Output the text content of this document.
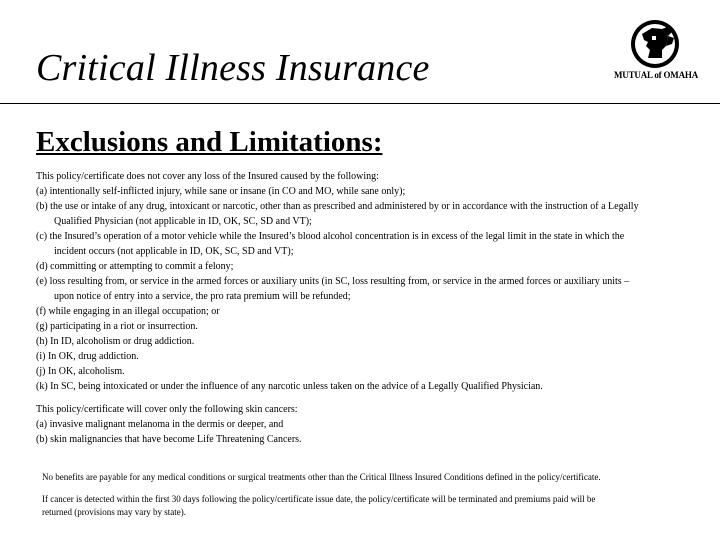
Critical Illness Insurance	MUTUAL of OMAHA
Exclusions and Limitations:
This policy/certificate does not cover any loss of the Insured caused by the following:
(a) intentionally self-inflicted injury, while sane or insane (in CO and MO, while sane only);
(b) the use or intake of any drug, intoxicant or narcotic, other than as prescribed and administered by or in accordance with the instruction of a Legally
Qualified Physician (not applicable in ID, OK, SC, SD and VT);
(c) the Insured’s operation of a motor vehicle while the Insured’s blood alcohol concentration is in excess of the legal limit in the state in which the
incident occurs (not applicable in ID, OK, SC, SD and VT);
(d) committing or attempting to commit a felony;
(e) loss resulting from, or service in the armed forces or auxiliary units (in SC, loss resulting from, or service in the armed forces or auxiliary units –
upon notice of entry into a service, the pro rata premium will be refunded;
(f) while engaging in an illegal occupation; or
(g) participating in a riot or insurrection.
(h) In ID, alcoholism or drug addiction.
(i) In OK, drug addiction.
(j) In OK, alcoholism.
(k) In SC, being intoxicated or under the influence of any narcotic unless taken on the advice of a Legally Qualified Physician.
This policy/certificate will cover only the following skin cancers:
(a) invasive malignant melanoma in the dermis or deeper, and
(b) skin malignancies that have become Life Threatening Cancers.
No benefits are payable for any medical conditions or surgical treatments other than the Critical Illness Insured Conditions defined in the policy/certificate.
If cancer is detected within the first 30 days following the policy/certificate issue date, the policy/certificate will be terminated and premiums paid will be
returned (provisions may vary by state).
